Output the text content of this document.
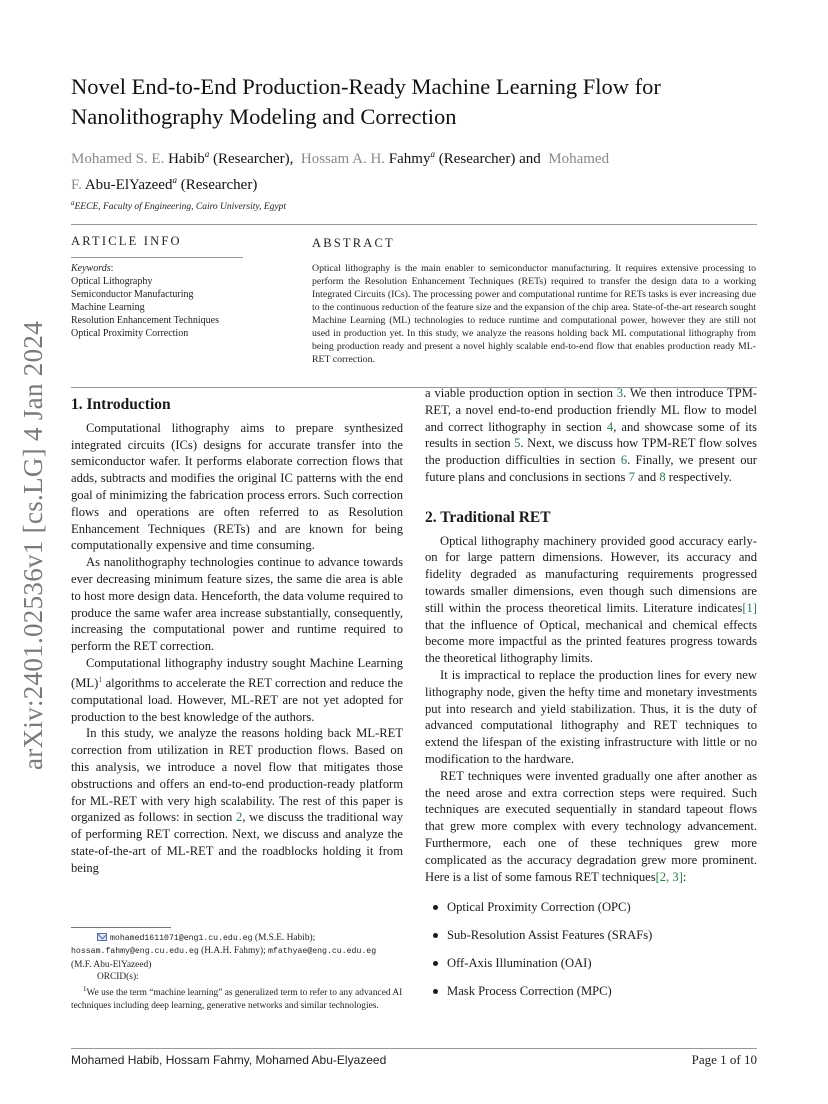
arXiv:2401.02536v1 [cs.LG] 4 Jan 2024
Novel End-to-End Production-Ready Machine Learning Flow for
Nanolithography Modeling and Correction
Mohamed S. E. Habib$^a$ (Researcher), Hossam A. H. Fahmy$^a$ (Researcher) and Mohamed
F. Abu-ElYazeed$^a$ (Researcher)
$^a$EECE, Faculty of Engineering, Cairo University, Egypt
ARTICLE INFO
Keywords:
Optical Lithography
Semiconductor Manufacturing
Machine Learning
Resolution Enhancement Techniques
Optical Proximity Correction
ABSTRACT
Optical lithography is the main enabler to semiconductor manufacturing. It requires extensive processing to perform the Resolution Enhancement Techniques (RETs) required to transfer the design data to a working Integrated Circuits (ICs). The processing power and computational runtime for RETs tasks is ever increasing due to the continuous reduction of the feature size and the expansion of the chip area. State-of-the-art research sought Machine Learning (ML) technologies to reduce runtime and computational power, however they are still not used in production yet. In this study, we analyze the reasons holding back ML computational lithography from being production ready and present a novel highly scalable end-to-end flow that enables production ready ML-RET correction.
1. Introduction

Computational lithography aims to prepare synthesized integrated circuits (ICs) designs for accurate transfer into the semiconductor wafer. It performs elaborate correction flows that adds, subtracts and modifies the original IC patterns with the end goal of minimizing the fabrication process errors. Such correction flows and operations are often referred to as Resolution Enhancement Techniques (RETs) and are known for being computationally expensive and time consuming.

As nanolithography technologies continue to advance towards ever decreasing minimum feature sizes, the same die area is able to host more design data. Henceforth, the data volume required to produce the same wafer area increase substantially, consequently, increasing the computational power and runtime required to perform the RET correction.

Computational lithography industry sought Machine Learning (ML)$^1$ algorithms to accelerate the RET correction and reduce the computational load. However, ML-RET are not yet adopted for production to the best knowledge of the authors.

In this study, we analyze the reasons holding back ML-RET correction from utilization in RET production flows. Based on this analysis, we introduce a novel flow that mitigates those obstructions and offers an end-to-end production-ready platform for ML-RET with very high scalability. The rest of this paper is organized as follows: in section 2, we discuss the traditional way of performing RET correction. Next, we discuss and analyze the state-of-the-art of ML-RET and the roadblocks holding it from being

mohamed1611071@eng1.cu.edu.eg (M.S.E. Habib);
hossam.fahmy@eng.cu.edu.eg (H.A.H. Fahmy); mfathyae@eng.cu.edu.eg
(M.F. Abu-ElYazeed)
ORCID(s):
$^1$We use the term “machine learning” as generalized term to refer to any advanced AI techniques including deep learning, generative networks and similar technologies.

a viable production option in section 3. We then introduce TPM-RET, a novel end-to-end production friendly ML flow to model and correct lithography in section 4, and showcase some of its results in section 5. Next, we discuss how TPM-RET flow solves the production difficulties in section 6. Finally, we present our future plans and conclusions in sections 7 and 8 respectively.

2. Traditional RET

Optical lithography machinery provided good accuracy early-on for large pattern dimensions. However, its accuracy and fidelity degraded as manufacturing requirements progressed towards smaller dimensions, even though such dimensions are still within the process theoretical limits. Literature indicates[1] that the influence of Optical, mechanical and chemical effects become more impactful as the printed features progress towards the theoretical lithography limits.

It is impractical to replace the production lines for every new lithography node, given the hefty time and monetary investments put into research and yield stabilization. Thus, it is the duty of advanced computational lithography and RET techniques to extend the lifespan of the existing infrastructure with little or no modification to the hardware.

RET techniques were invented gradually one after another as the need arose and extra correction steps were required. Such techniques are executed sequentially in standard tapeout flows that grew more complex with every technology advancement. Furthermore, each one of these techniques grew more complicated as the accuracy degradation grew more prominent. Here is a list of some famous RET techniques[2, 3]:

Optical Proximity Correction (OPC)
Sub-Resolution Assist Features (SRAFs)
Off-Axis Illumination (OAI)
Mask Process Correction (MPC)
Mohamed Habib, Hossam Fahmy, Mohamed Abu-Elyazeed	Page 1 of 10
